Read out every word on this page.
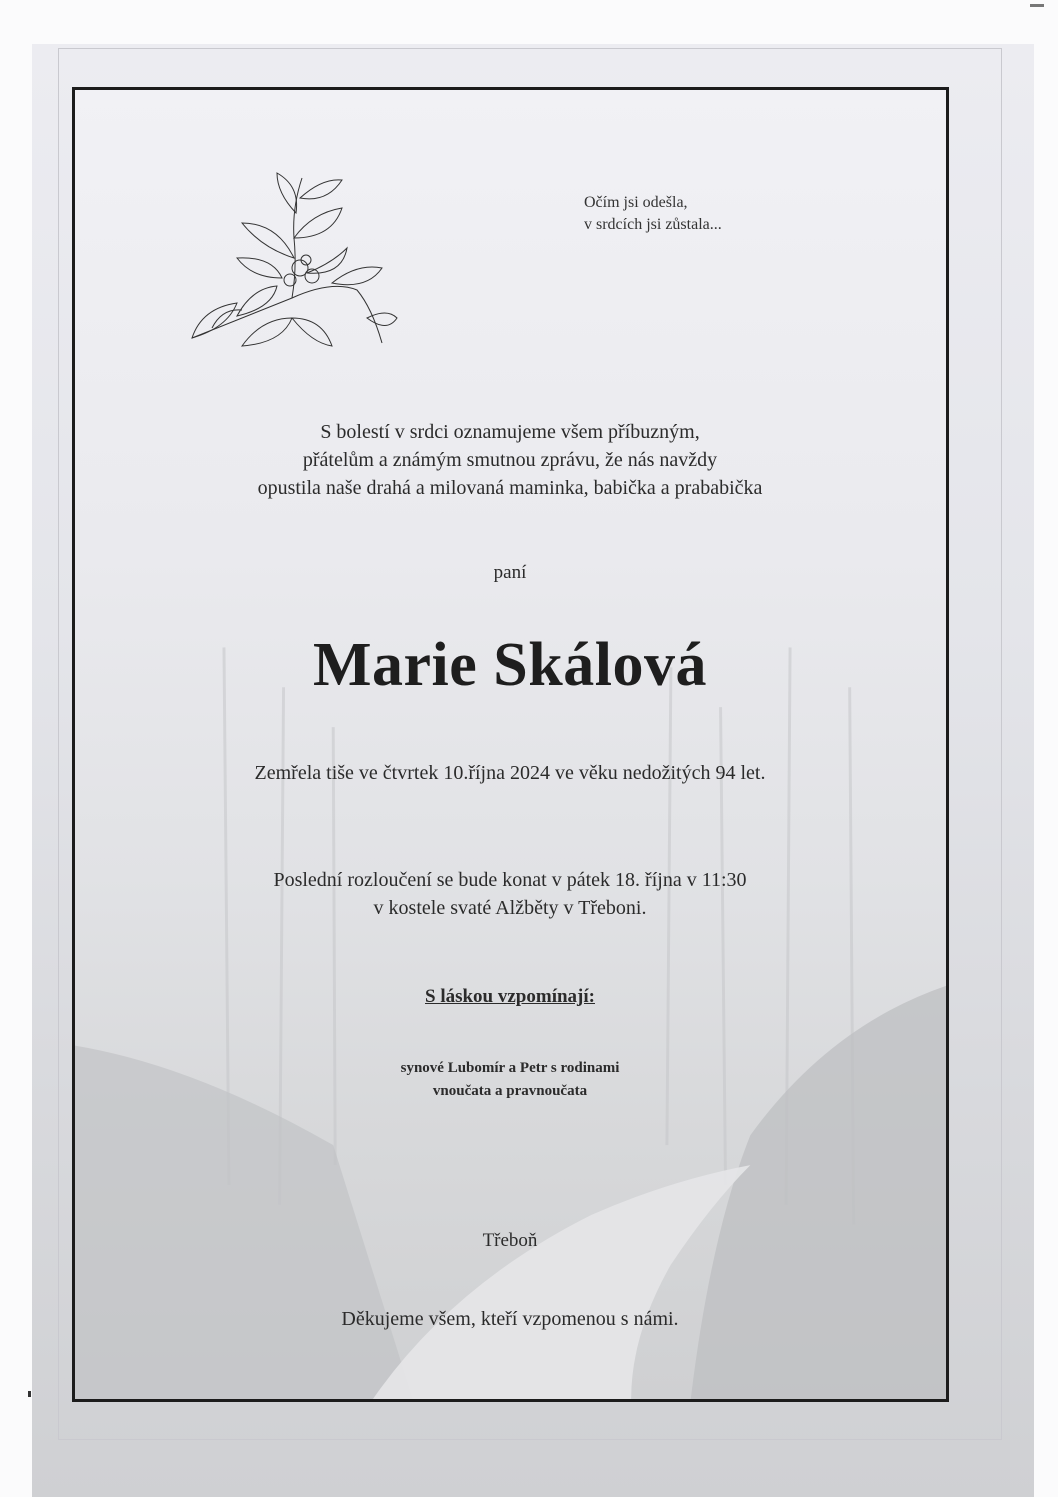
Očím jsi odešla,
v srdcích jsi zůstala...
S bolestí v srdci oznamujeme všem příbuzným,
přátelům a známým smutnou zprávu, že nás navždy
opustila naše drahá a milovaná maminka, babička a prababička
paní
Marie Skálová
Zemřela tiše ve čtvrtek 10.října 2024 ve věku nedožitých 94 let.
Poslední rozloučení se bude konat v pátek 18. října v 11:30
v kostele svaté Alžběty v Třeboni.
S láskou vzpomínají:
synové Lubomír a Petr s rodinami
vnoučata a pravnoučata
Třeboň
Děkujeme všem, kteří vzpomenou s námi.
